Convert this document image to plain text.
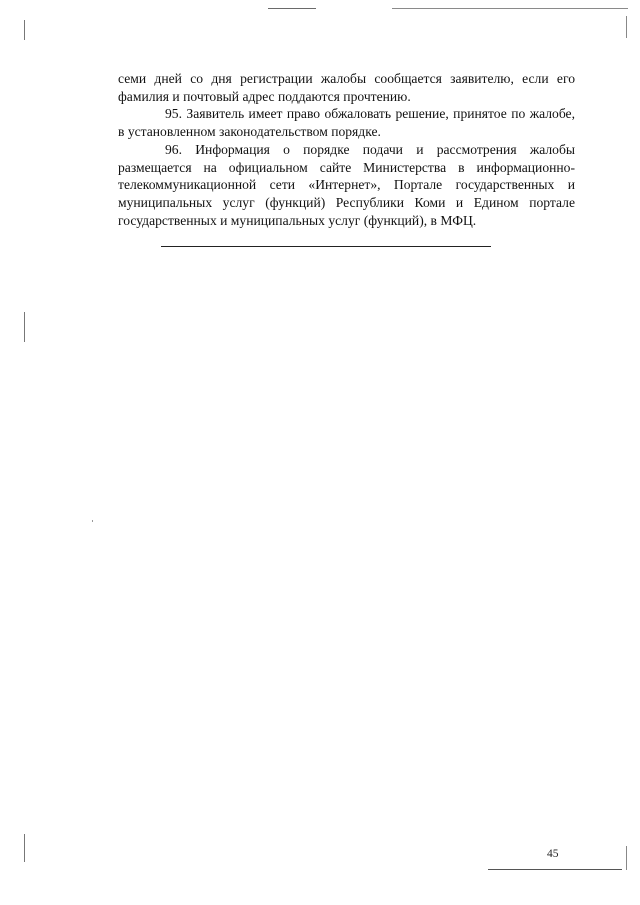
семи дней со дня регистрации жалобы сообщается заявителю, если его фамилия и почтовый адрес поддаются прочтению.

95. Заявитель имеет право обжаловать решение, принятое по жалобе, в установленном законодательством порядке.

96. Информация о порядке подачи и рассмотрения жалобы размещается на официальном сайте Министерства в информационно-телекоммуникационной сети «Интернет», Портале государственных и муниципальных услуг (функций) Республики Коми и Едином портале государственных и муниципальных услуг (функций), в МФЦ.

45
